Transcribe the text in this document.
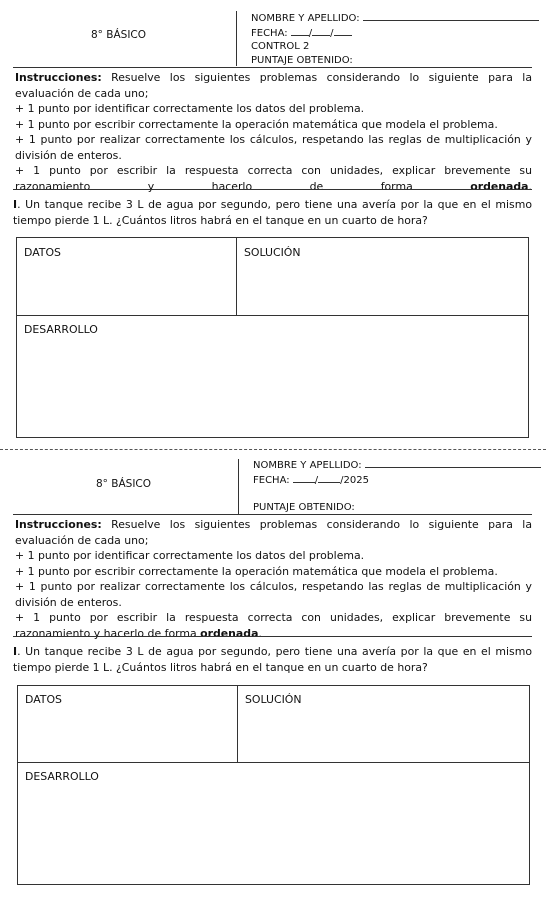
8° BÁSICO
NOMBRE Y APELLIDO:
FECHA: / /
CONTROL 2
PUNTAJE OBTENIDO:

Instrucciones: Resuelve los siguientes problemas considerando lo siguiente para la evaluación de cada uno;

+ 1 punto por identificar correctamente los datos del problema.

+ 1 punto por escribir correctamente la operación matemática que modela el problema.

+ 1 punto por realizar correctamente los cálculos, respetando las reglas de multiplicación y división de enteros.

+ 1 punto por escribir la respuesta correcta con unidades, explicar brevemente su razonamiento y hacerlo de forma ordenada.

I. Un tanque recibe 3 L de agua por segundo, pero tiene una avería por la que en el mismo tiempo pierde 1 L. ¿Cuántos litros habrá en el tanque en un cuarto de hora?

DATOS	SOLUCIÓN
DESARROLLO
8° BÁSICO
NOMBRE Y APELLIDO:
FECHA:	/ /2025
PUNTAJE OBTENIDO:

Instrucciones: Resuelve los siguientes problemas considerando lo siguiente para la evaluación de cada uno;

+ 1 punto por identificar correctamente los datos del problema.

+ 1 punto por escribir correctamente la operación matemática que modela el problema.

+ 1 punto por realizar correctamente los cálculos, respetando las reglas de multiplicación y división de enteros.

+ 1 punto por escribir la respuesta correcta con unidades, explicar brevemente su razonamiento y hacerlo de forma ordenada.

I. Un tanque recibe 3 L de agua por segundo, pero tiene una avería por la que en el mismo tiempo pierde 1 L. ¿Cuántos litros habrá en el tanque en un cuarto de hora?

DATOS	SOLUCIÓN
DESARROLLO
